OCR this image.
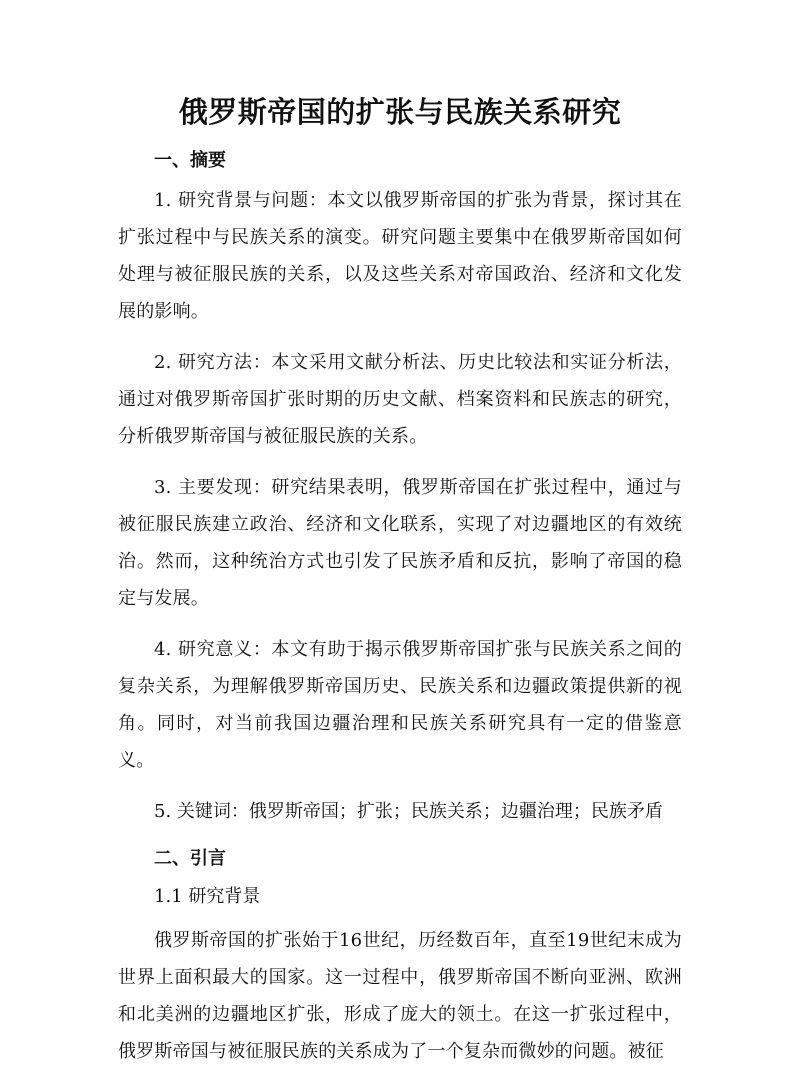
俄罗斯帝国的扩张与民族关系研究
一、摘要

1. 研究背景与问题：本文以俄罗斯帝国的扩张为背景，探讨其在扩张过程中与民族关系的演变。研究问题主要集中在俄罗斯帝国如何处理与被征服民族的关系，以及这些关系对帝国政治、经济和文化发展的影响。

2. 研究方法：本文采用文献分析法、历史比较法和实证分析法，通过对俄罗斯帝国扩张时期的历史文献、档案资料和民族志的研究，分析俄罗斯帝国与被征服民族的关系。

3. 主要发现：研究结果表明，俄罗斯帝国在扩张过程中，通过与被征服民族建立政治、经济和文化联系，实现了对边疆地区的有效统治。然而，这种统治方式也引发了民族矛盾和反抗，影响了帝国的稳定与发展。

4. 研究意义：本文有助于揭示俄罗斯帝国扩张与民族关系之间的复杂关系，为理解俄罗斯帝国历史、民族关系和边疆政策提供新的视角。同时，对当前我国边疆治理和民族关系研究具有一定的借鉴意义。

5. 关键词：俄罗斯帝国；扩张；民族关系；边疆治理；民族矛盾
二、引言
1.1 研究背景

俄罗斯帝国的扩张始于16世纪，历经数百年，直至19世纪末成为世界上面积最大的国家。这一过程中，俄罗斯帝国不断向亚洲、欧洲和北美洲的边疆地区扩张，形成了庞大的领土。在这一扩张过程中，俄罗斯帝国与被征服民族的关系成为了一个复杂而微妙的问题。被征
